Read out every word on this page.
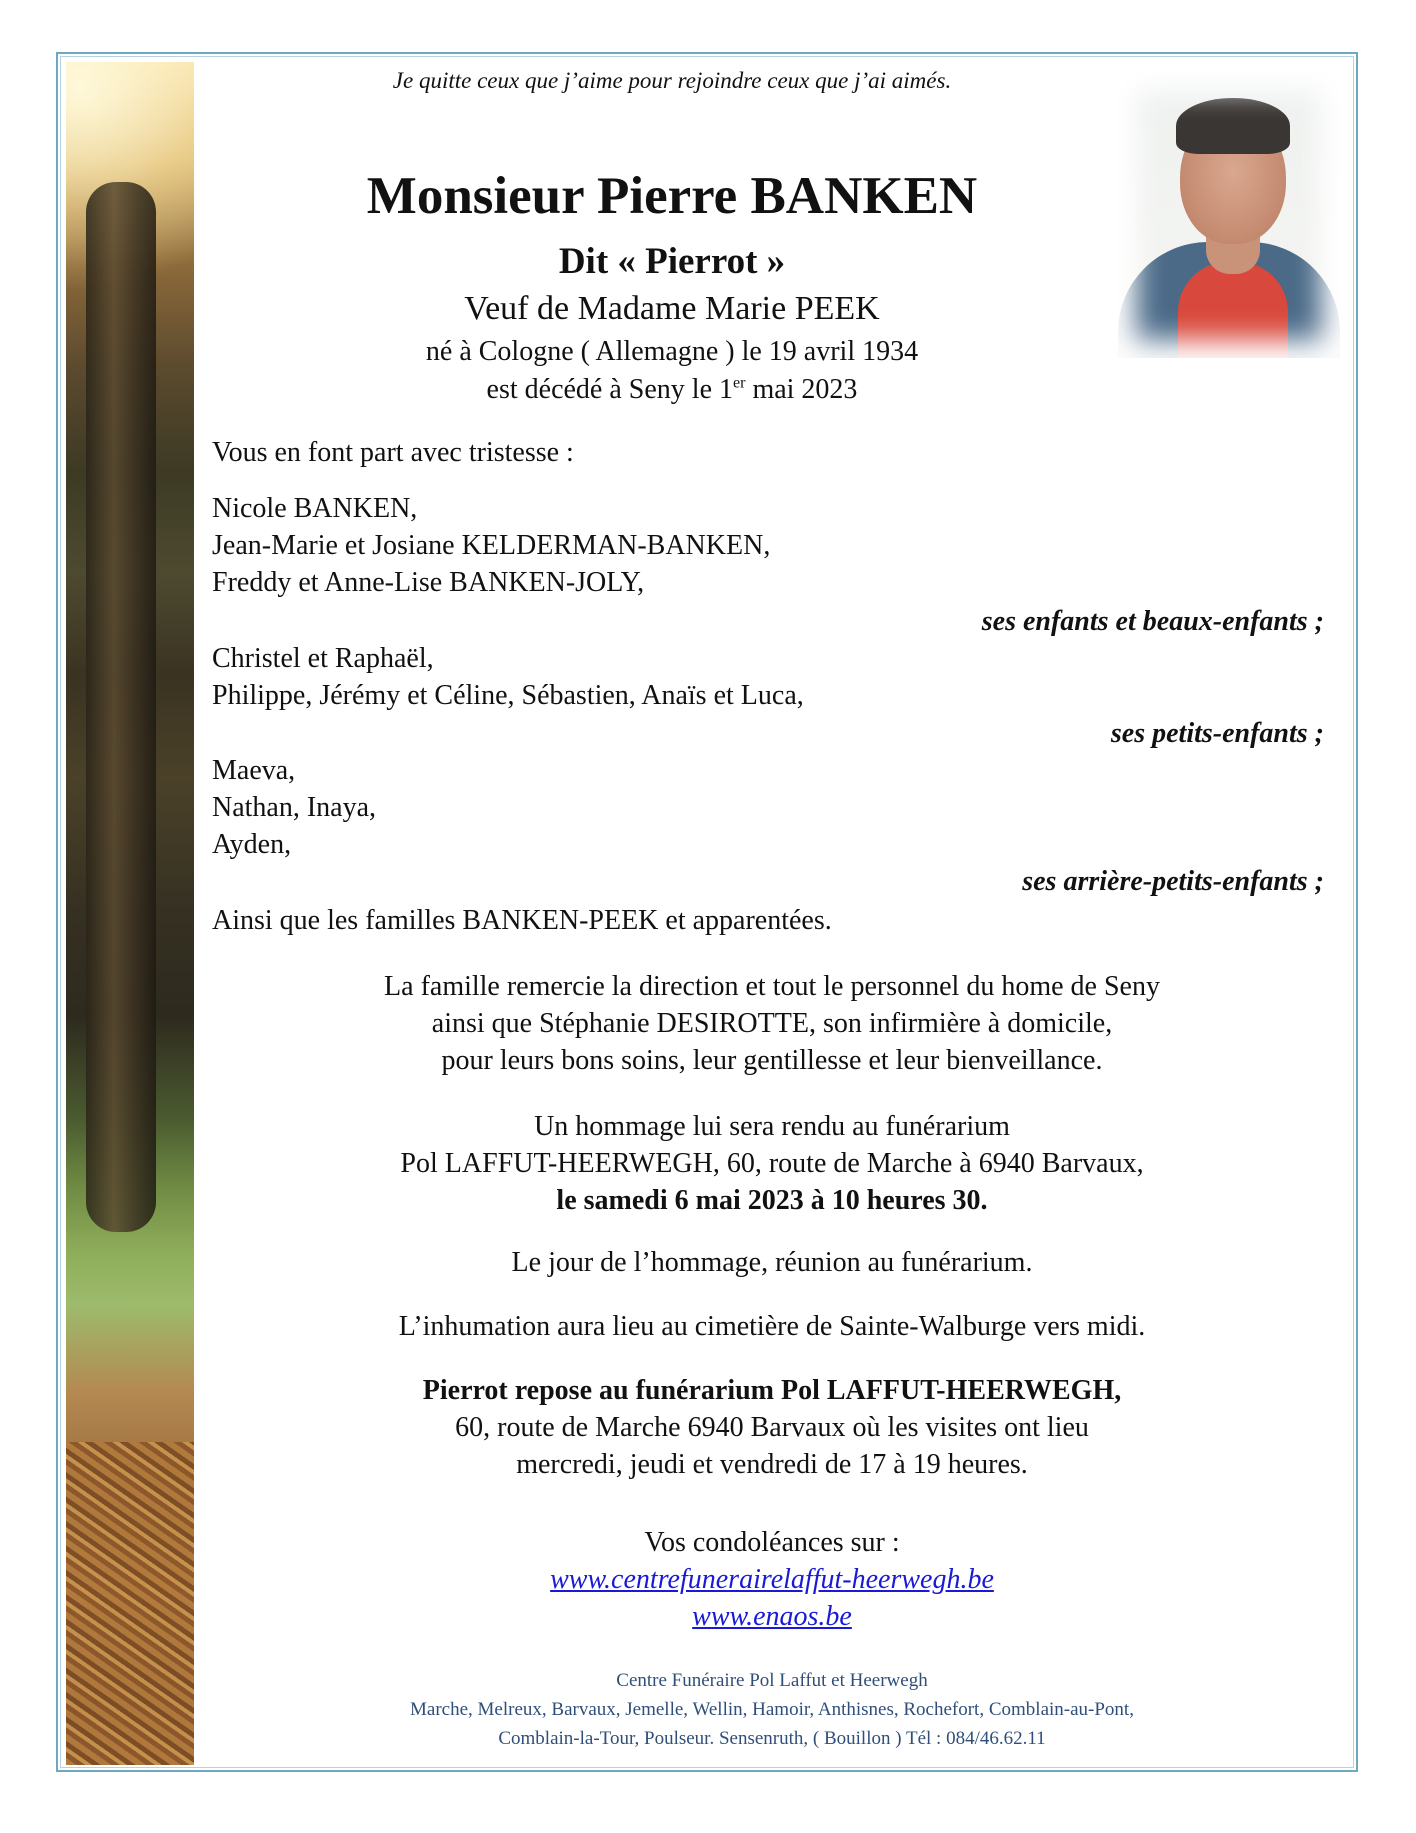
Je quitte ceux que j’aime pour rejoindre ceux que j’ai aimés.
Monsieur Pierre BANKEN
Dit « Pierrot »
Veuf de Madame Marie PEEK
né à Cologne ( Allemagne ) le 19 avril 1934
est décédé à Seny le 1er mai 2023
Vous en font part avec tristesse :
Nicole BANKEN,
Jean-Marie et Josiane KELDERMAN-BANKEN,
Freddy et Anne-Lise BANKEN-JOLY,
ses enfants et beaux-enfants ;
Christel et Raphaël,
Philippe, Jérémy et Céline, Sébastien, Anaïs et Luca,
ses petits-enfants ;
Maeva,
Nathan, Inaya,
Ayden,
ses arrière-petits-enfants ;
Ainsi que les familles BANKEN-PEEK et apparentées.
La famille remercie la direction et tout le personnel du home de Seny
ainsi que Stéphanie DESIROTTE, son infirmière à domicile,
pour leurs bons soins, leur gentillesse et leur bienveillance.
Un hommage lui sera rendu au funérarium
Pol LAFFUT-HEERWEGH, 60, route de Marche à 6940 Barvaux,
le samedi 6 mai 2023 à 10 heures 30.
Le jour de l’hommage, réunion au funérarium.
L’inhumation aura lieu au cimetière de Sainte-Walburge vers midi.
Pierrot repose au funérarium Pol LAFFUT-HEERWEGH,
60, route de Marche 6940 Barvaux où les visites ont lieu
mercredi, jeudi et vendredi de 17 à 19 heures.
Vos condoléances sur :
www.centrefunerairelaffut-heerwegh.be
www.enaos.be
Centre Funéraire Pol Laffut et Heerwegh
Marche, Melreux, Barvaux, Jemelle, Wellin, Hamoir, Anthisnes, Rochefort, Comblain-au-Pont,
Comblain-la-Tour, Poulseur. Sensenruth, ( Bouillon ) Tél : 084/46.62.11
